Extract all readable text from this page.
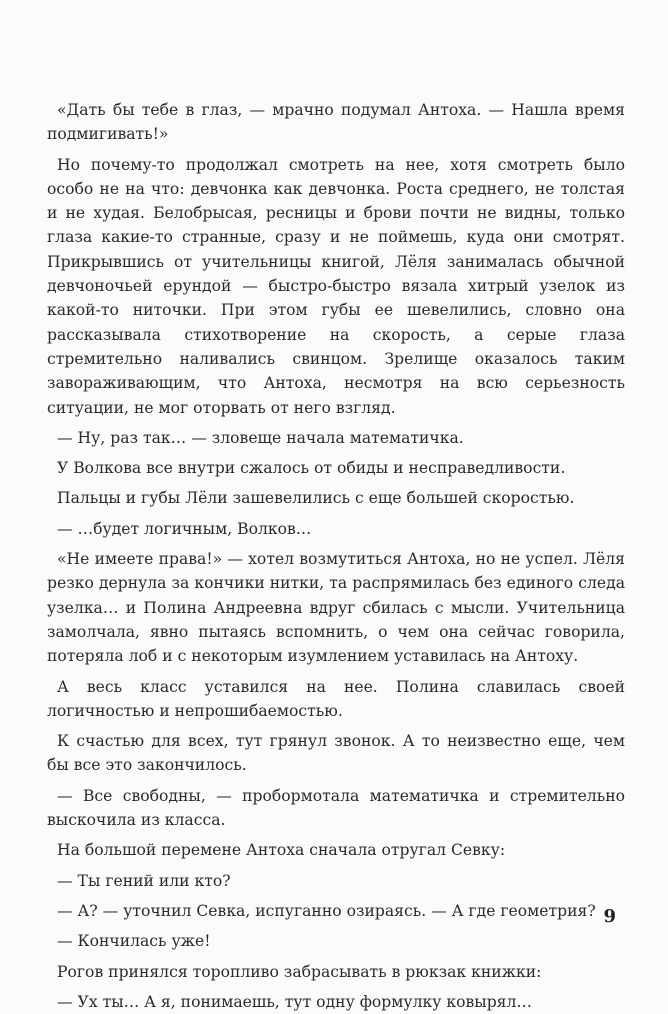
«Дать бы тебе в глаз, — мрачно подумал Антоха. — Нашла время подмигивать!»

Но почему-то продолжал смотреть на нее, хотя смотреть было особо не на что: девчонка как девчонка. Роста среднего, не толстая и не худая. Белобрысая, ресницы и брови почти не видны, только глаза какие-то странные, сразу и не поймешь, куда они смотрят. Прикрывшись от учительницы книгой, Лёля занималась обычной девчоночьей ерундой — быстро-быстро вязала хитрый узелок из какой-то ниточки. При этом губы ее шевелились, словно она рассказывала стихотворение на скорость, а серые глаза стремительно наливались свинцом. Зрелище оказалось таким завораживающим, что Антоха, несмотря на всю серьезность ситуации, не мог оторвать от него взгляд.

— Ну, раз так… — зловеще начала математичка.

У Волкова все внутри сжалось от обиды и несправедливости.

Пальцы и губы Лёли зашевелились с еще большей скоростью.

— …будет логичным, Волков…

«Не имеете права!» — хотел возмутиться Антоха, но не успел. Лёля резко дернула за кончики нитки, та распрямилась без единого следа узелка… и Полина Андреевна вдруг сбилась с мысли. Учительница замолчала, явно пытаясь вспомнить, о чем она сейчас говорила, потеряла лоб и с некоторым изумлением уставилась на Антоху.

А весь класс уставился на нее. Полина славилась своей логичностью и непрошибаемостью.

К счастью для всех, тут грянул звонок. А то неизвестно еще, чем бы все это закончилось.

— Все свободны, — пробормотала математичка и стремительно выскочила из класса.

На большой перемене Антоха сначала отругал Севку:

— Ты гений или кто?

— А? — уточнил Севка, испуганно озираясь. — А где геометрия?

— Кончилась уже!

Рогов принялся торопливо забрасывать в рюкзак книжки:

— Ух ты… А я, понимаешь, тут одну формулку ковырял…

9
